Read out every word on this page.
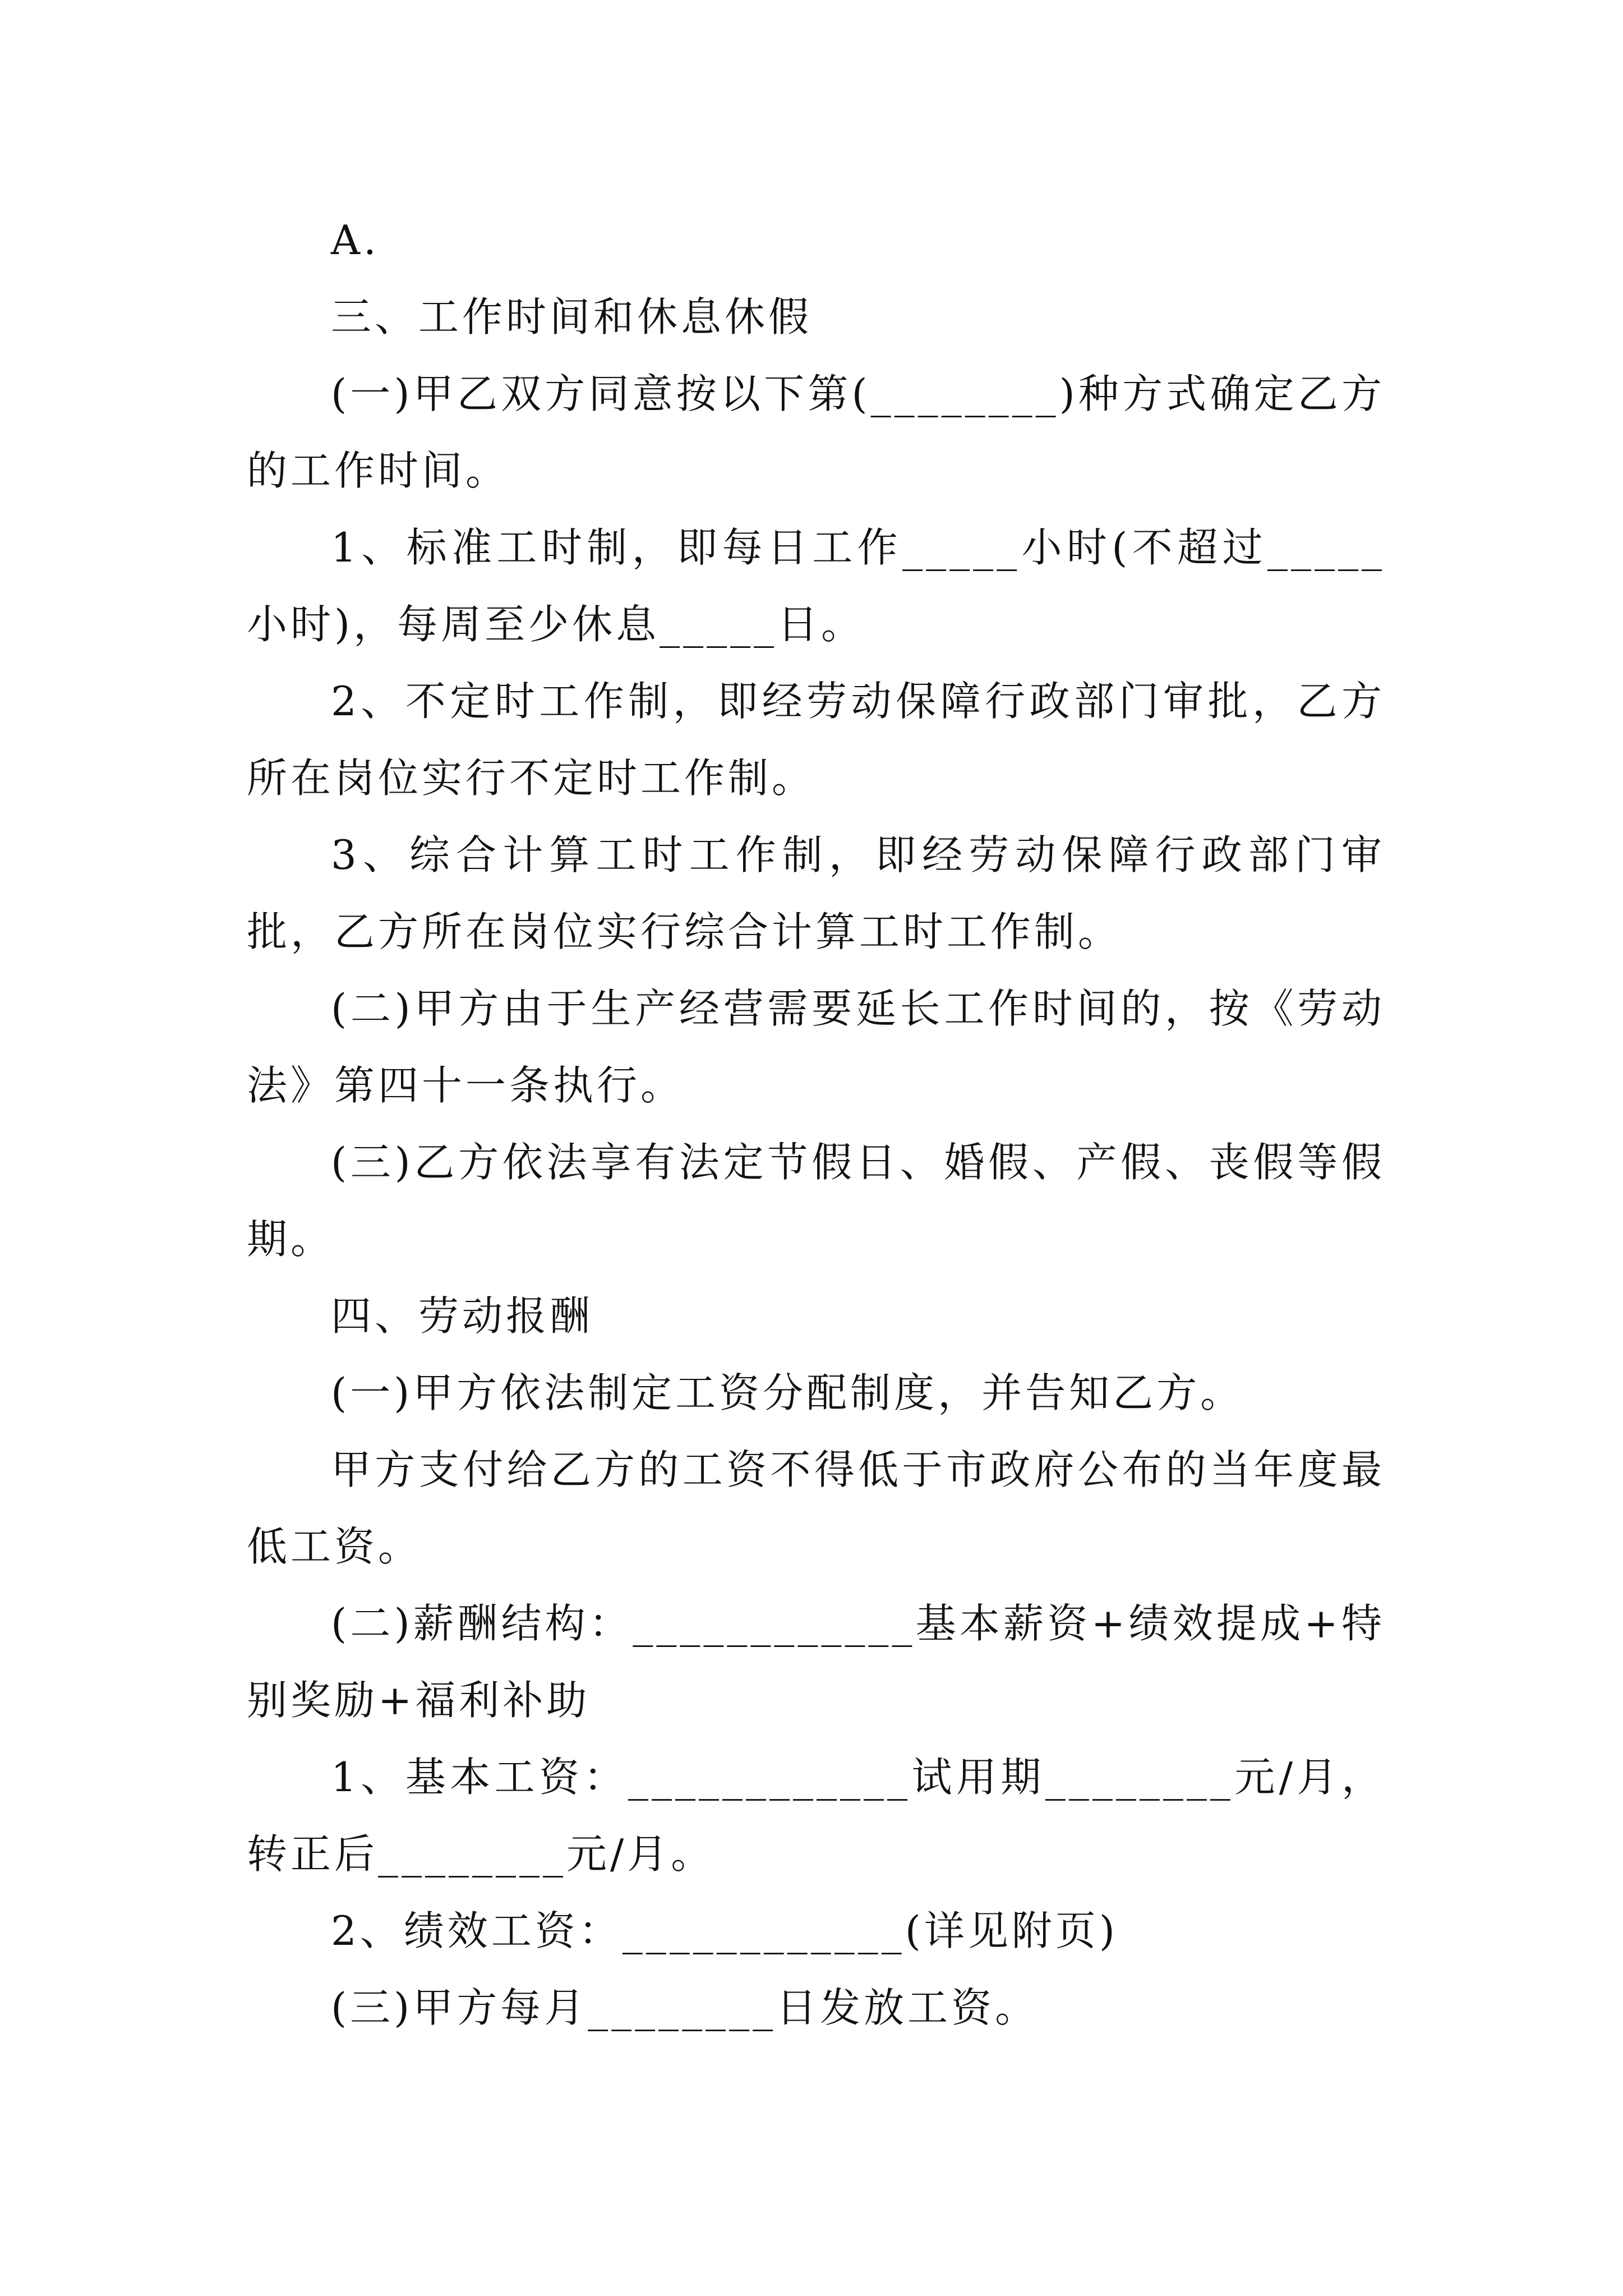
A.

三、工作时间和休息休假

(一)甲乙双方同意按以下第(________)种方式确定乙方的工作时间。

1、标准工时制，即每日工作_____小时(不超过_____小时)，每周至少休息_____日。

2、不定时工作制，即经劳动保障行政部门审批，乙方所在岗位实行不定时工作制。

3、综合计算工时工作制，即经劳动保障行政部门审批，乙方所在岗位实行综合计算工时工作制。

(二)甲方由于生产经营需要延长工作时间的，按《劳动法》第四十一条执行。

(三)乙方依法享有法定节假日、婚假、产假、丧假等假期。

四、劳动报酬

(一)甲方依法制定工资分配制度，并告知乙方。

甲方支付给乙方的工资不得低于市政府公布的当年度最低工资。

(二)薪酬结构：____________基本薪资+绩效提成+特别奖励+福利补助

1、基本工资：____________试用期________元/月，转正后________元/月。

2、绩效工资：____________(详见附页)

(三)甲方每月________日发放工资。
